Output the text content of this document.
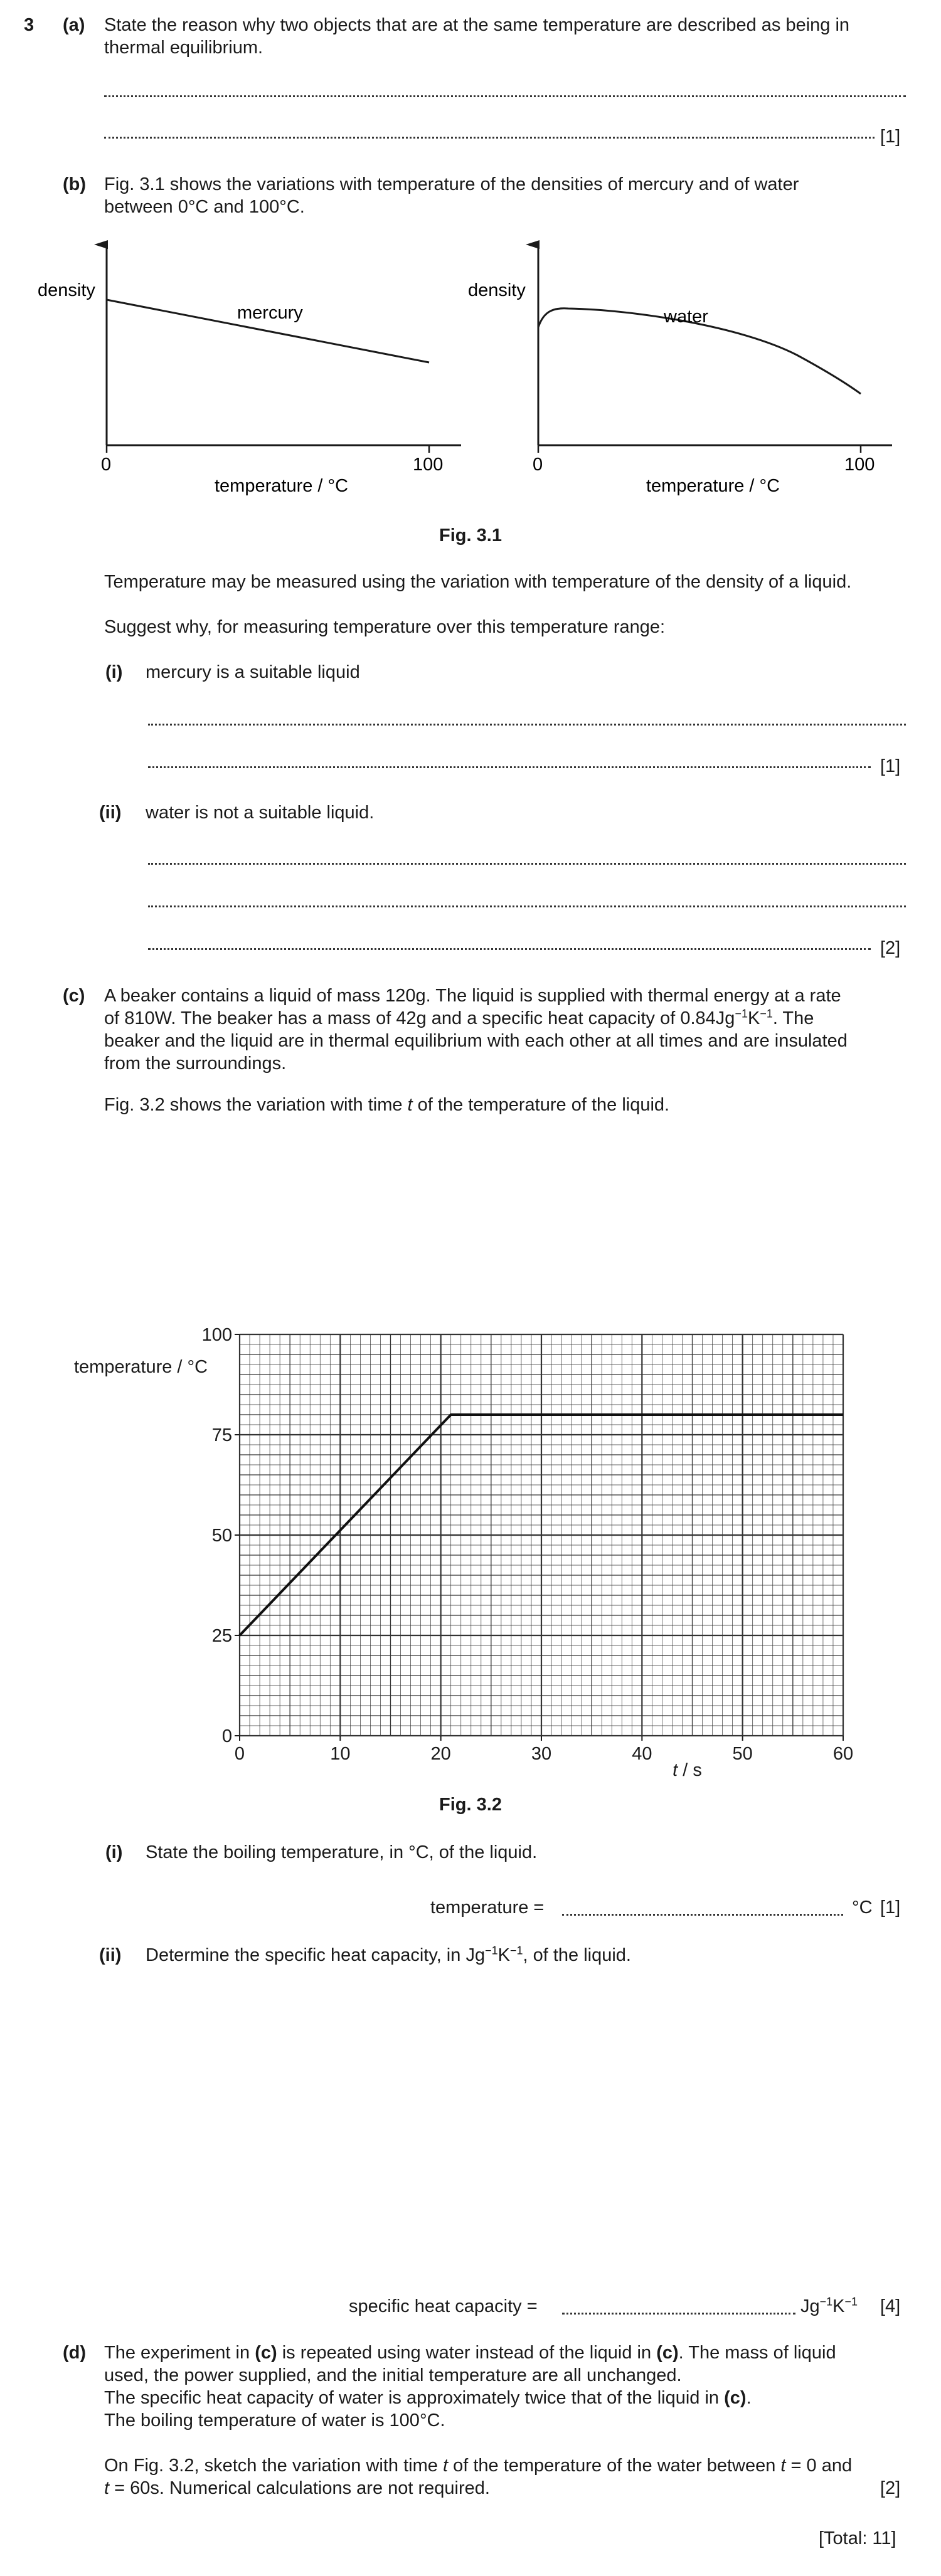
3 (a) State the reason why two objects that are at the same temperature are described as being in
thermal equilibrium.
[1]
(b) Fig. 3.1 shows the variations with temperature of the densities of mercury and of water
between 0°C and 100°C.
density
mercury
0	100
temperature / °C
density
water
0	100
temperature / °C
Fig. 3.1
Temperature may be measured using the variation with temperature of the density of a liquid.
Suggest why, for measuring temperature over this temperature range:
(i) mercury is a suitable liquid
[1]
(ii) water is not a suitable liquid.
[2]
(c) A beaker contains a liquid of mass 120g. The liquid is supplied with thermal energy at a rate
of 810W. The beaker has a mass of 42g and a specific heat capacity of $0.84Jg^{-1}K^{-1}$. The
beaker and the liquid are in thermal equilibrium with each other at all times and are insulated
from the surroundings.
Fig. 3.2 shows the variation with time t of the temperature of the liquid.
0	10	20	30	40	50	60
0
25
50
75
100
temperature / °C
t / s
Fig. 3.2
(i) State the boiling temperature, in °C, of the liquid.
temperature =	°C [1]
(ii) Determine the specific heat capacity, in $Jg^{-1}K^{-1}$, of the liquid.
specific heat capacity =	$Jg^{-1}K^{-1}$ [4]
(d) The experiment in (c) is repeated using water instead of the liquid in (c). The mass of liquid
used, the power supplied, and the initial temperature are all unchanged.
The specific heat capacity of water is approximately twice that of the liquid in (c).
The boiling temperature of water is 100°C.
On Fig. 3.2, sketch the variation with time t of the temperature of the water between t = 0 and
t = 60s. Numerical calculations are not required.	[2]
[Total: 11]
